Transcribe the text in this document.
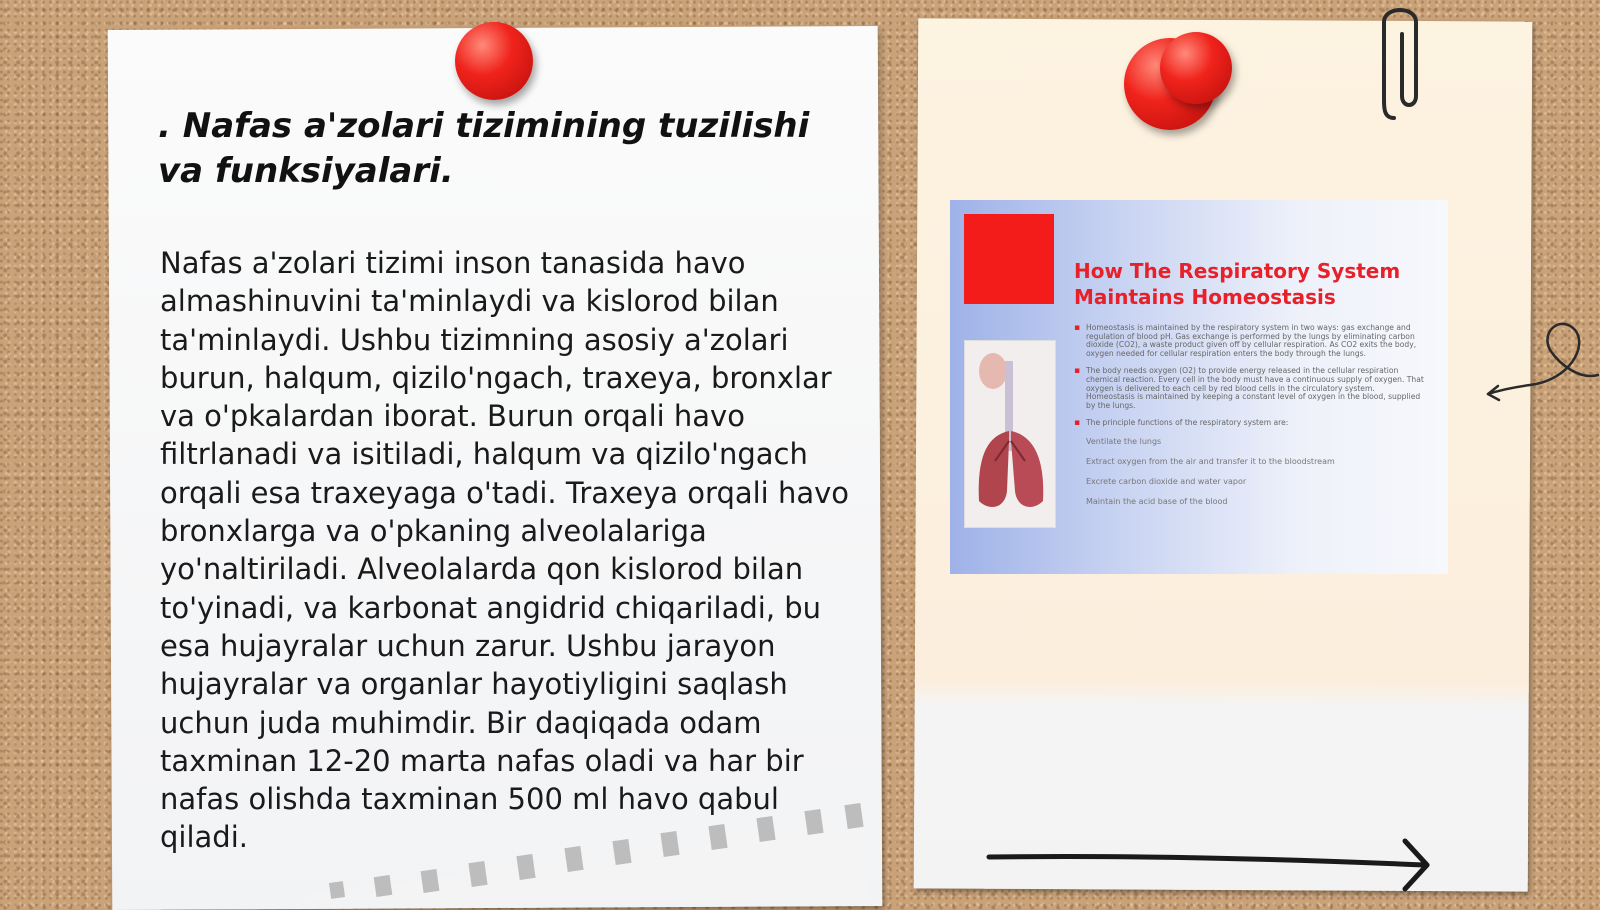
. Nafas a'zolari tizimining tuzilishi va funksiyalari.

Nafas a'zolari tizimi inson tanasida havo almashinuvini ta'minlaydi va kislorod bilan ta'minlaydi. Ushbu tizimning asosiy a'zolari burun, halqum, qizilo'ngach, traxeya, bronxlar va o'pkalardan iborat. Burun orqali havo filtrlanadi va isitiladi, halqum va qizilo'ngach orqali esa traxeyaga o'tadi. Traxeya orqali havo bronxlarga va o'pkaning alveolalariga yo'naltiriladi. Alveolalarda qon kislorod bilan to'yinadi, va karbonat angidrid chiqariladi, bu esa hujayralar uchun zarur. Ushbu jarayon hujayralar va organlar hayotiyligini saqlash uchun juda muhimdir. Bir daqiqada odam taxminan 12-20 marta nafas oladi va har bir nafas olishda taxminan 500 ml havo qabul qiladi.

How The Respiratory System Maintains Homeostasis
▪ Homeostasis is maintained by the respiratory system in two ways: gas exchange and regulation of blood pH. Gas exchange is performed by the lungs by eliminating carbon dioxide (CO2), a waste product given off by cellular respiration. As CO2 exits the body, oxygen needed for cellular respiration enters the body through the lungs.
▪ The body needs oxygen (O2) to provide energy released in the cellular respiration chemical reaction. Every cell in the body must have a continuous supply of oxygen. That oxygen is delivered to each cell by red blood cells in the circulatory system. Homeostasis is maintained by keeping a constant level of oxygen in the blood, supplied by the lungs.
▪ The principle functions of the respiratory system are:
Ventilate the lungs
Extract oxygen from the air and transfer it to the bloodstream
Excrete carbon dioxide and water vapor
Maintain the acid base of the blood
